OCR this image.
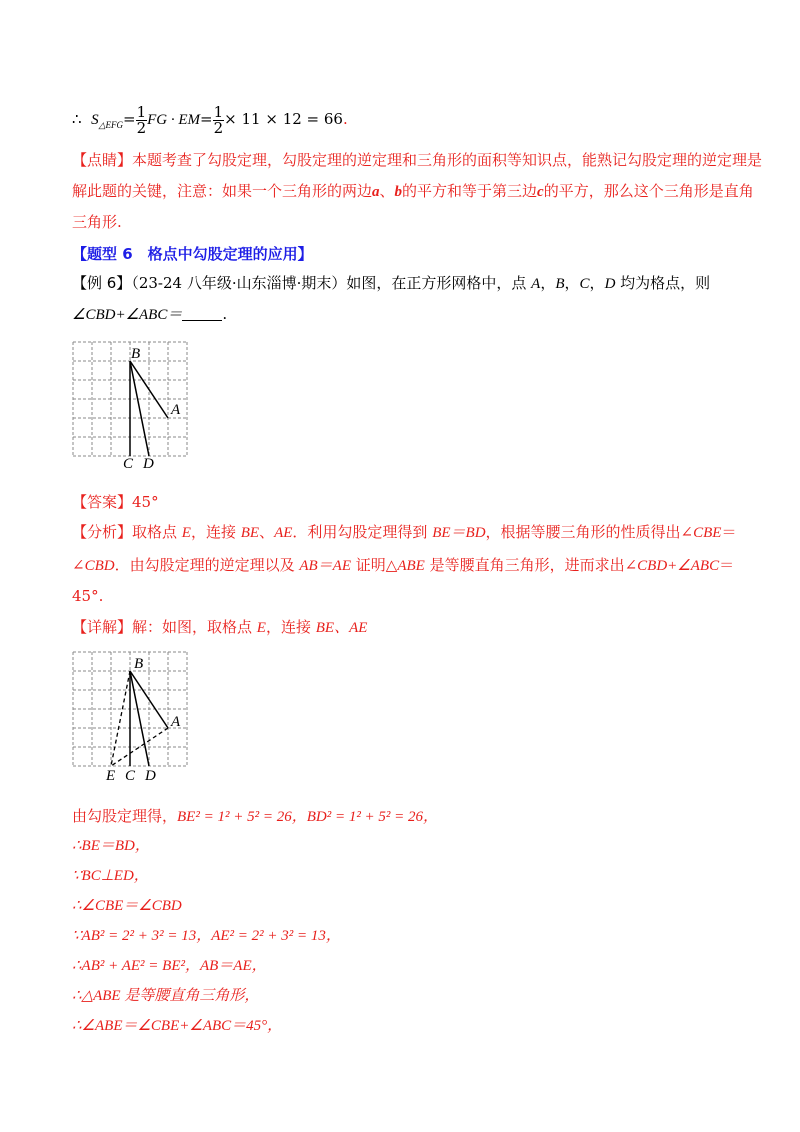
∴ $S_{\triangle EFG}= \frac{1}{2}$ FG · $EM= \frac{1}{2} \times 11 \times 12 = 66$.
【点睛】本题考查了勾股定理，勾股定理的逆定理和三角形的面积等知识点，能熟记勾股定理的逆定理是
解此题的关键，注意：如果一个三角形的两边a、b的平方和等于第三边c的平方，那么这个三角形是直角
三角形.
【题型 6　格点中勾股定理的应用】
【例 6】（23-24 八年级·山东淄博·期末）如图，在正方形网格中，点 A，B，C，D 均为格点，则
∠CBD+∠ABC＝	.
B
A
C D
【答案】45°
【分析】取格点 E，连接 BE、AE．利用勾股定理得到 BE＝BD，根据等腰三角形的性质得出∠CBE＝
∠CBD．由勾股定理的逆定理以及 AB＝AE 证明△ABE 是等腰直角三角形，进而求出∠CBD+∠ABC＝
45°.
【详解】解：如图，取格点 E，连接 BE、AE
B
A
E C D
由勾股定理得，BE² = 1² + 5² = 26，BD² = 1² + 5² = 26，
∴BE＝BD，
∵BC⊥ED，
∴∠CBE＝∠CBD
∵AB² = 2² + 3² = 13，AE² = 2² + 3² = 13，
∴AB² + AE² = BE²，AB＝AE，
∴△ABE 是等腰直角三角形，
∴∠ABE＝∠CBE+∠ABC＝45°，
